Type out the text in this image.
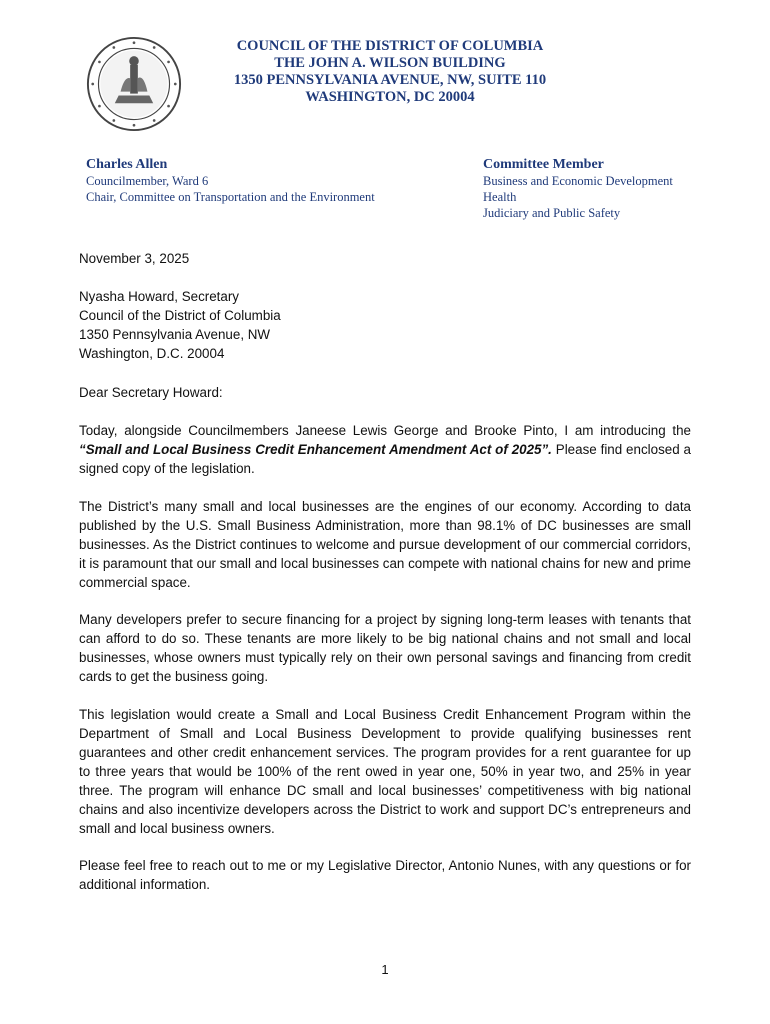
COUNCIL OF THE DISTRICT OF COLUMBIA
THE JOHN A. WILSON BUILDING
1350 PENNSYLVANIA AVENUE, NW, SUITE 110
WASHINGTON, DC 20004
Charles Allen
Councilmember, Ward 6
Chair, Committee on Transportation and the Environment
Committee Member
Business and Economic Development
Health
Judiciary and Public Safety
November 3, 2025
Nyasha Howard, Secretary
Council of the District of Columbia
1350 Pennsylvania Avenue, NW
Washington, D.C. 20004
Dear Secretary Howard:
Today, alongside Councilmembers Janeese Lewis George and Brooke Pinto, I am introducing the “Small and Local Business Credit Enhancement Amendment Act of 2025”. Please find enclosed a signed copy of the legislation.
The District’s many small and local businesses are the engines of our economy. According to data published by the U.S. Small Business Administration, more than 98.1% of DC businesses are small businesses. As the District continues to welcome and pursue development of our commercial corridors, it is paramount that our small and local businesses can compete with national chains for new and prime commercial space.
Many developers prefer to secure financing for a project by signing long-term leases with tenants that can afford to do so. These tenants are more likely to be big national chains and not small and local businesses, whose owners must typically rely on their own personal savings and financing from credit cards to get the business going.
This legislation would create a Small and Local Business Credit Enhancement Program within the Department of Small and Local Business Development to provide qualifying businesses rent guarantees and other credit enhancement services. The program provides for a rent guarantee for up to three years that would be 100% of the rent owed in year one, 50% in year two, and 25% in year three. The program will enhance DC small and local businesses’ competitiveness with big national chains and also incentivize developers across the District to work and support DC’s entrepreneurs and small and local business owners.
Please feel free to reach out to me or my Legislative Director, Antonio Nunes, with any questions or for additional information.
1
